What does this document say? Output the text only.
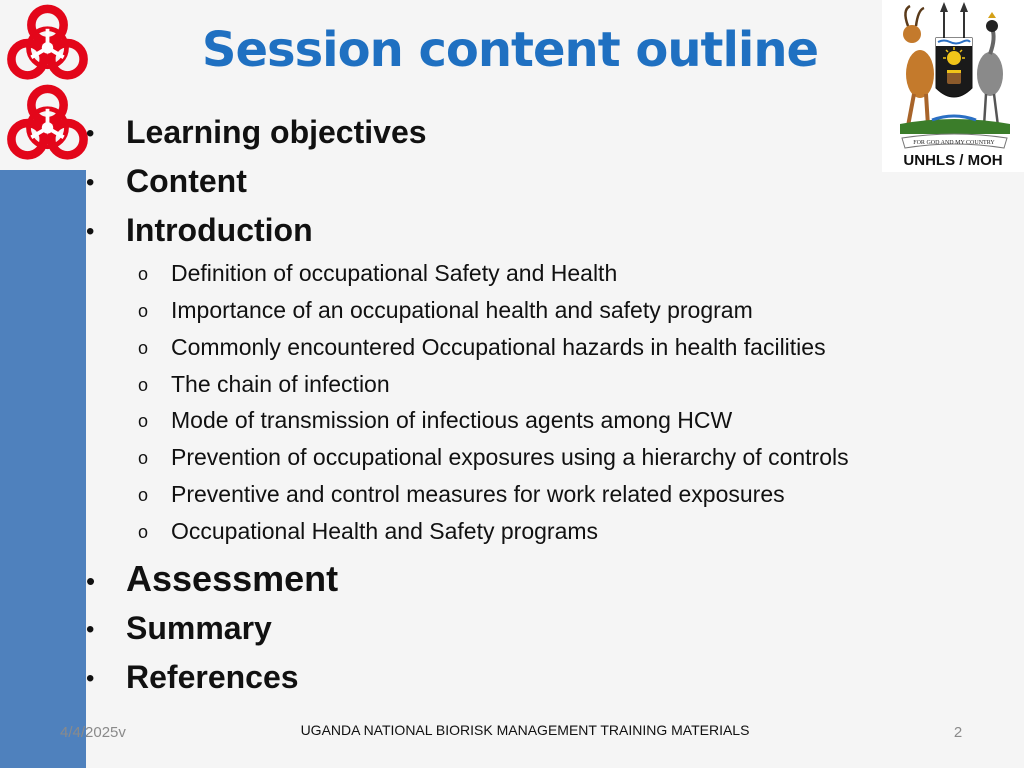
Session content outline
FOR GOD AND MY COUNTRY
UNHLS / MOH
• Learning objectives
• Content
• Introduction
o Definition of occupational Safety and Health
o Importance of an occupational health and safety program
o Commonly encountered Occupational hazards in health facilities
o The chain of infection
o Mode of transmission of infectious agents among HCW
o Prevention of occupational exposures using a hierarchy of controls
o Preventive and control measures for work related exposures
o Occupational Health and Safety programs
• Assessment
• Summary
• References
4/4/2025v	UGANDA NATIONAL BIORISK MANAGEMENT TRAINING MATERIALS	2
